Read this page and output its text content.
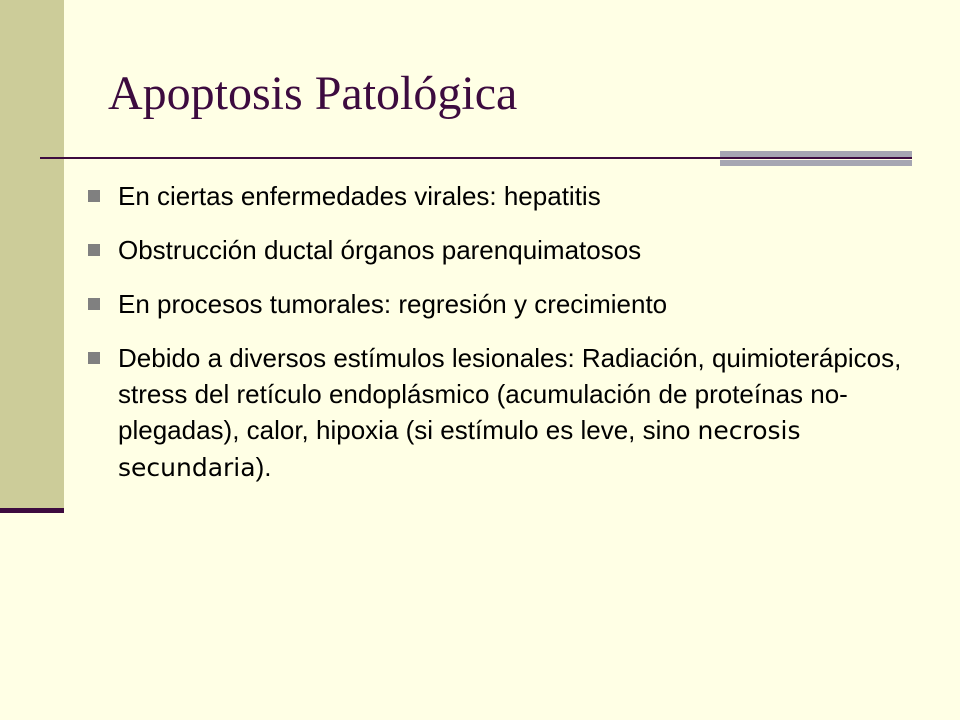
Apoptosis Patológica
En ciertas enfermedades virales: hepatitis
Obstrucción ductal órganos parenquimatosos
En procesos tumorales: regresión y crecimiento
Debido a diversos estímulos lesionales: Radiación, quimioterápicos, stress del retículo endoplásmico (acumulación de proteínas no-plegadas), calor, hipoxia (si estímulo es leve, sino necrosis secundaria).
